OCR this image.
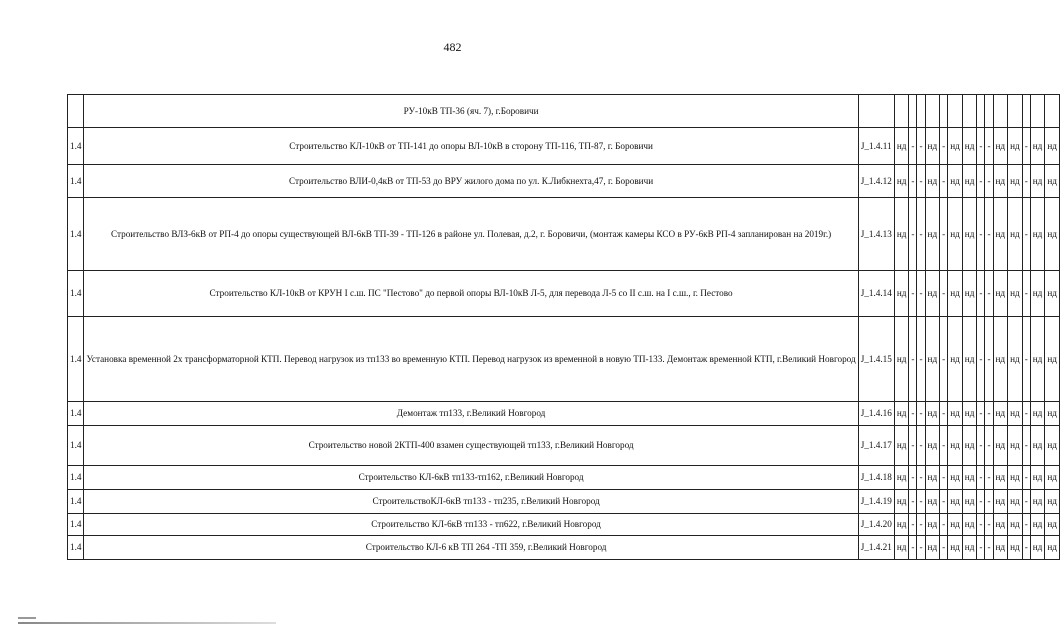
482
	РУ-10кВ ТП-36 (яч. 7), г.Боровичи															
1.4	Строительство КЛ-10кВ от ТП-141 до опоры ВЛ-10кВ в сторону ТП-116, ТП-87, г. Боровичи	J_1.4.11	нд	-	-	нд	-	нд	нд	-	-	нд	нд	-	нд	нд
1.4	Строительство ВЛИ-0,4кВ от ТП-53 до ВРУ жилого дома по ул. К.Либкнехта,47, г. Боровичи	J_1.4.12	нд	-	-	нд	-	нд	нд	-	-	нд	нд	-	нд	нд
1.4	Строительство ВЛЗ-6кВ от РП-4 до опоры существующей ВЛ-6кВ ТП-39 - ТП-126 в районе ул. Полевая, д.2, г. Боровичи, (монтаж камеры КСО в РУ-6кВ РП-4 запланирован на 2019г.)	J_1.4.13	нд	-	-	нд	-	нд	нд	-	-	нд	нд	-	нд	нд
1.4	Строительство КЛ-10кВ от КРУН I с.ш. ПС "Пестово" до первой опоры ВЛ-10кВ Л-5, для перевода Л-5 со II с.ш. на I с.ш., г. Пестово	J_1.4.14	нд	-	-	нд	-	нд	нд	-	-	нд	нд	-	нд	нд
1.4	Установка временной 2х трансформаторной КТП. Перевод нагрузок из тп133 во временную КТП. Перевод нагрузок из временной в новую ТП-133. Демонтаж временной КТП, г.Великий Новгород	J_1.4.15	нд	-	-	нд	-	нд	нд	-	-	нд	нд	-	нд	нд
1.4	Демонтаж тп133, г.Великий Новгород	J_1.4.16	нд	-	-	нд	-	нд	нд	-	-	нд	нд	-	нд	нд
1.4	Строительство новой 2КТП-400 взамен существующей тп133, г.Великий Новгород	J_1.4.17	нд	-	-	нд	-	нд	нд	-	-	нд	нд	-	нд	нд
1.4	Строительство КЛ-6кВ тп133-тп162, г.Великий Новгород	J_1.4.18	нд	-	-	нд	-	нд	нд	-	-	нд	нд	-	нд	нд
1.4	СтроительствоКЛ-6кВ тп133 - тп235, г.Великий Новгород	J_1.4.19	нд	-	-	нд	-	нд	нд	-	-	нд	нд	-	нд	нд
1.4	Строительство КЛ-6кВ тп133 - тп622, г.Великий Новгород	J_1.4.20	нд	-	-	нд	-	нд	нд	-	-	нд	нд	-	нд	нд
1.4	Строительство КЛ-6 кВ ТП 264 -ТП 359, г.Великий Новгород	J_1.4.21	нд	-	-	нд	-	нд	нд	-	-	нд	нд	-	нд	нд
